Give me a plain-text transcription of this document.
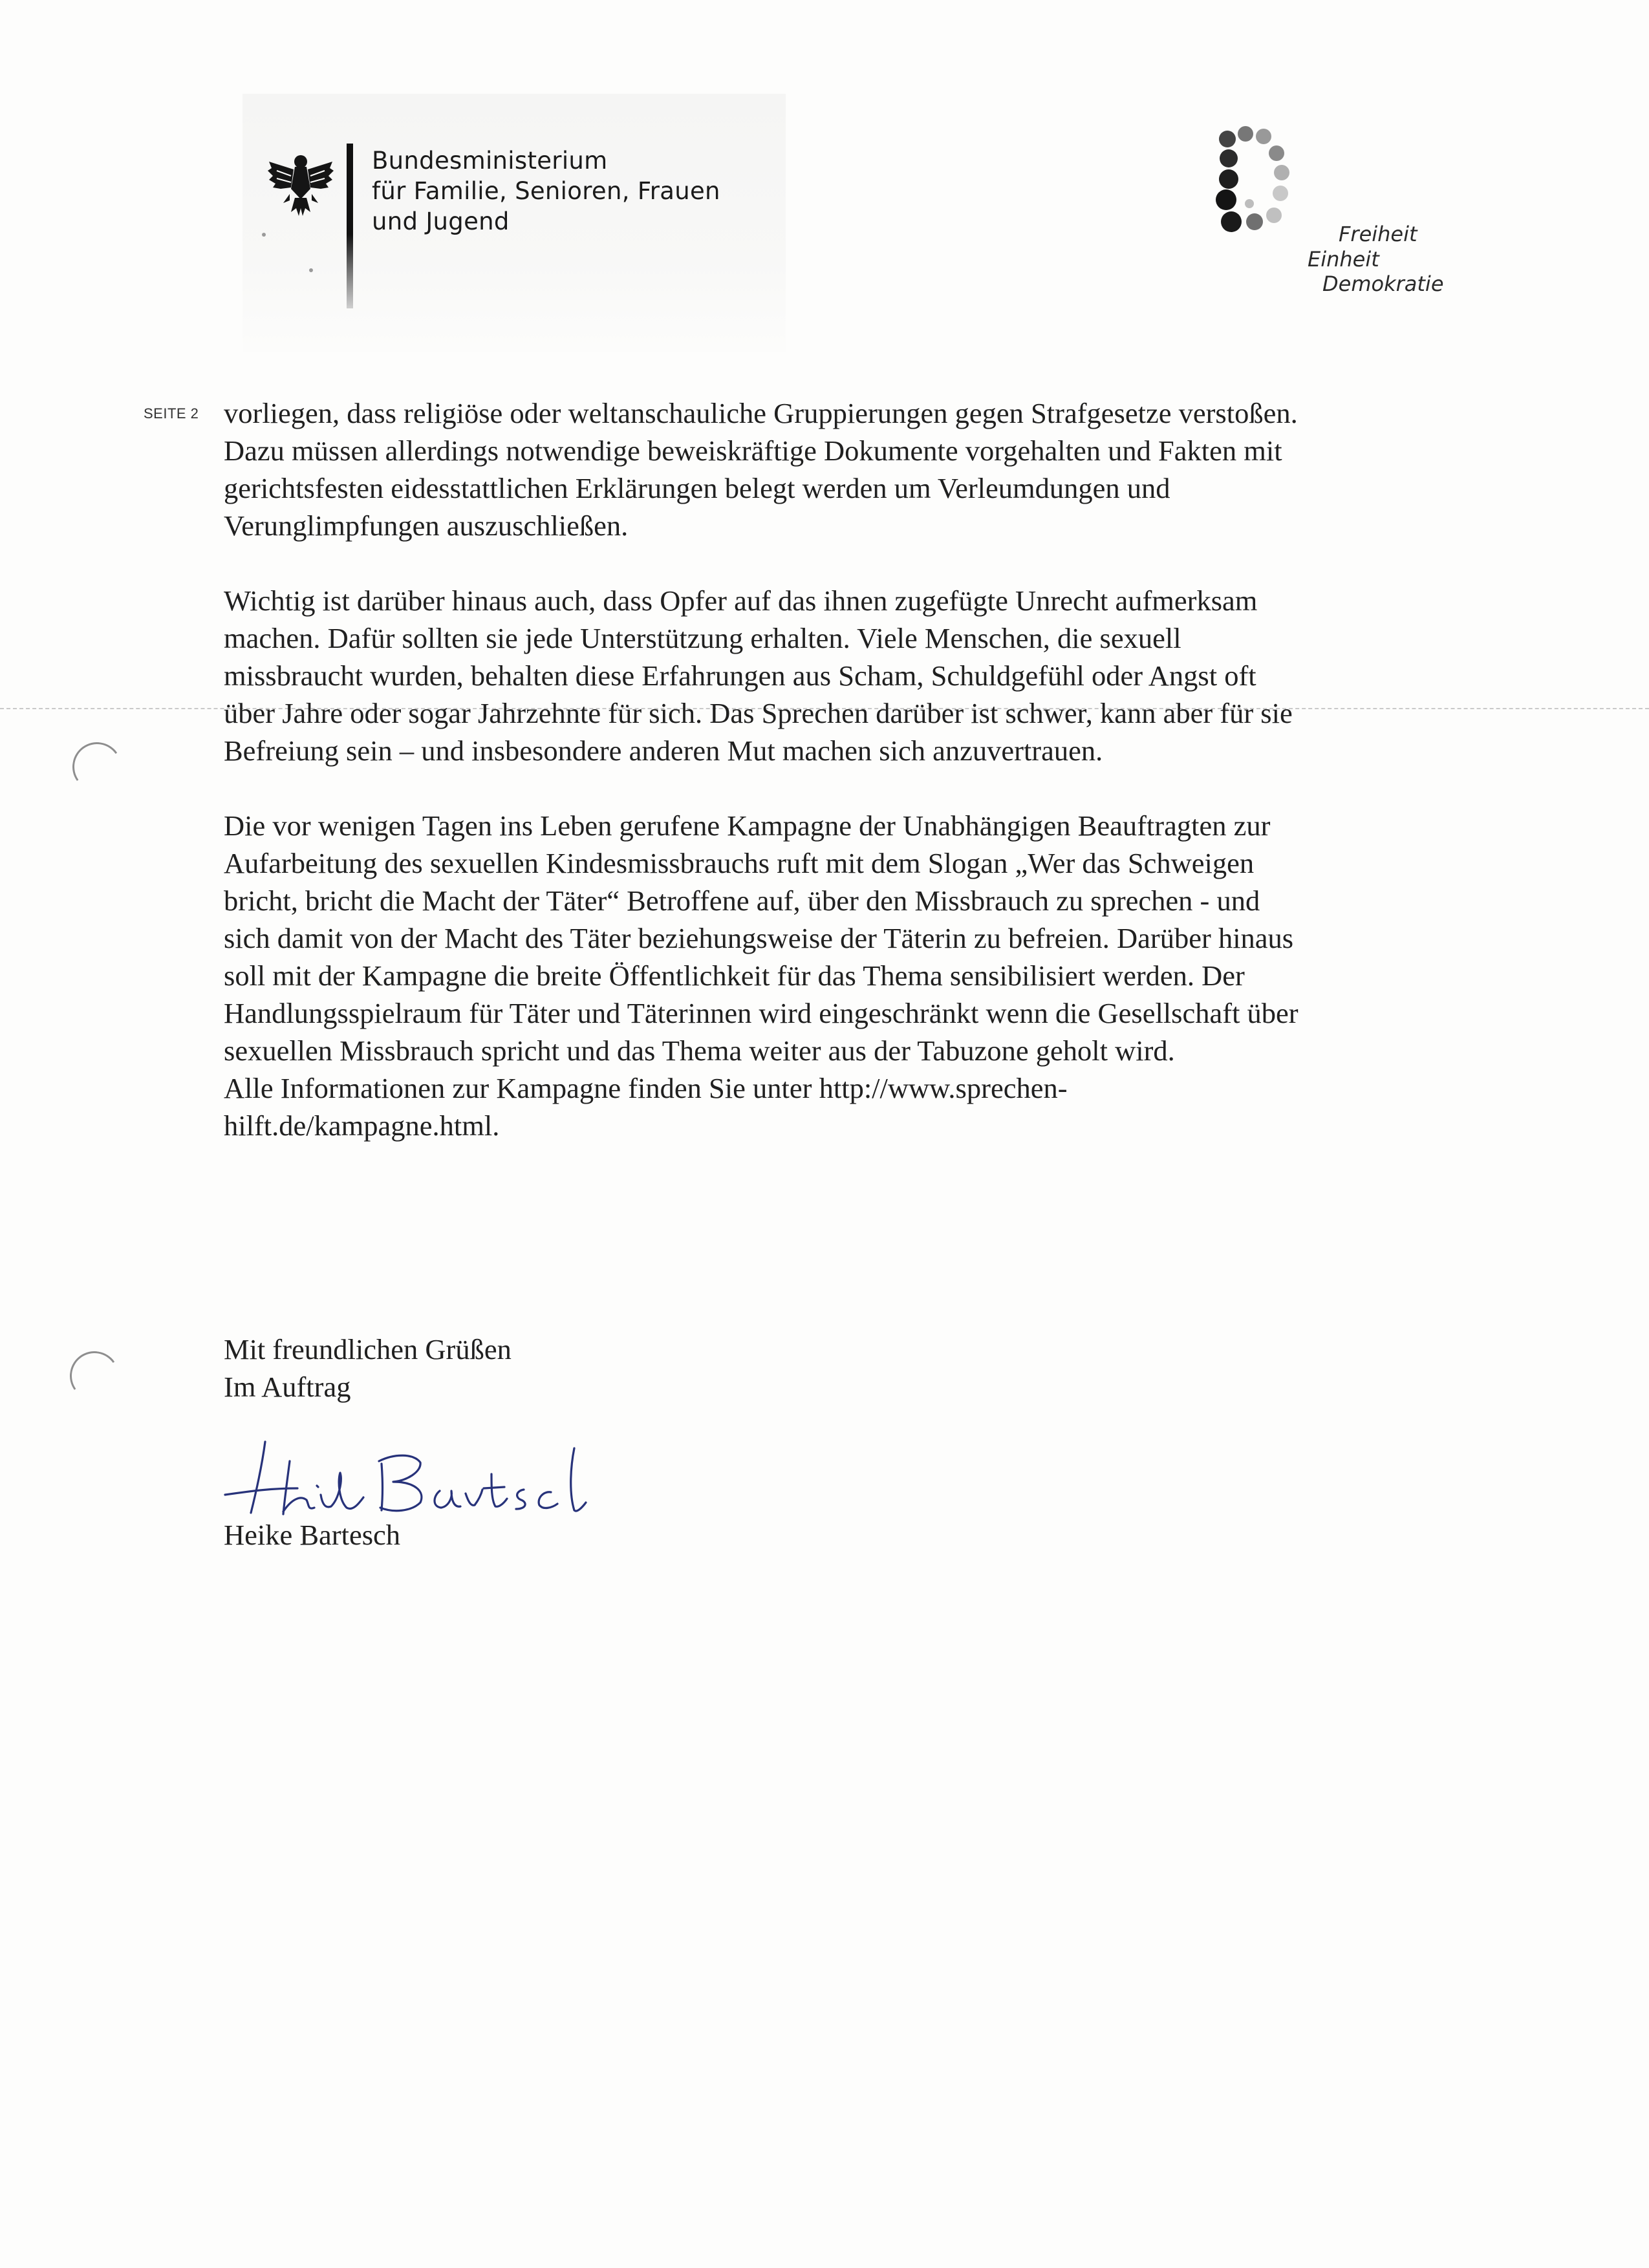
Bundesministerium
für Familie, Senioren, Frauen
und Jugend	Freiheit
Einheit
Demokratie
SEITE 2 vorliegen, dass religiöse oder weltanschauliche Gruppierungen gegen Strafgesetze verstoßen.
Dazu müssen allerdings notwendige beweiskräftige Dokumente vorgehalten und Fakten mit
gerichtsfesten eidesstattlichen Erklärungen belegt werden um Verleumdungen und
Verunglimpfungen auszuschließen.
Wichtig ist darüber hinaus auch, dass Opfer auf das ihnen zugefügte Unrecht aufmerksam
machen. Dafür sollten sie jede Unterstützung erhalten. Viele Menschen, die sexuell
missbraucht wurden, behalten diese Erfahrungen aus Scham, Schuldgefühl oder Angst oft
über Jahre oder sogar Jahrzehnte für sich. Das Sprechen darüber ist schwer, kann aber für sie
Befreiung sein – und insbesondere anderen Mut machen sich anzuvertrauen.
Die vor wenigen Tagen ins Leben gerufene Kampagne der Unabhängigen Beauftragten zur
Aufarbeitung des sexuellen Kindesmissbrauchs ruft mit dem Slogan „Wer das Schweigen
bricht, bricht die Macht der Täter“ Betroffene auf, über den Missbrauch zu sprechen - und
sich damit von der Macht des Täter beziehungsweise der Täterin zu befreien. Darüber hinaus
soll mit der Kampagne die breite Öffentlichkeit für das Thema sensibilisiert werden. Der
Handlungsspielraum für Täter und Täterinnen wird eingeschränkt wenn die Gesellschaft über
sexuellen Missbrauch spricht und das Thema weiter aus der Tabuzone geholt wird.
Alle Informationen zur Kampagne finden Sie unter http://www.sprechen-
hilft.de/kampagne.html.
Mit freundlichen Grüßen
Im Auftrag
Heike Bartesch
